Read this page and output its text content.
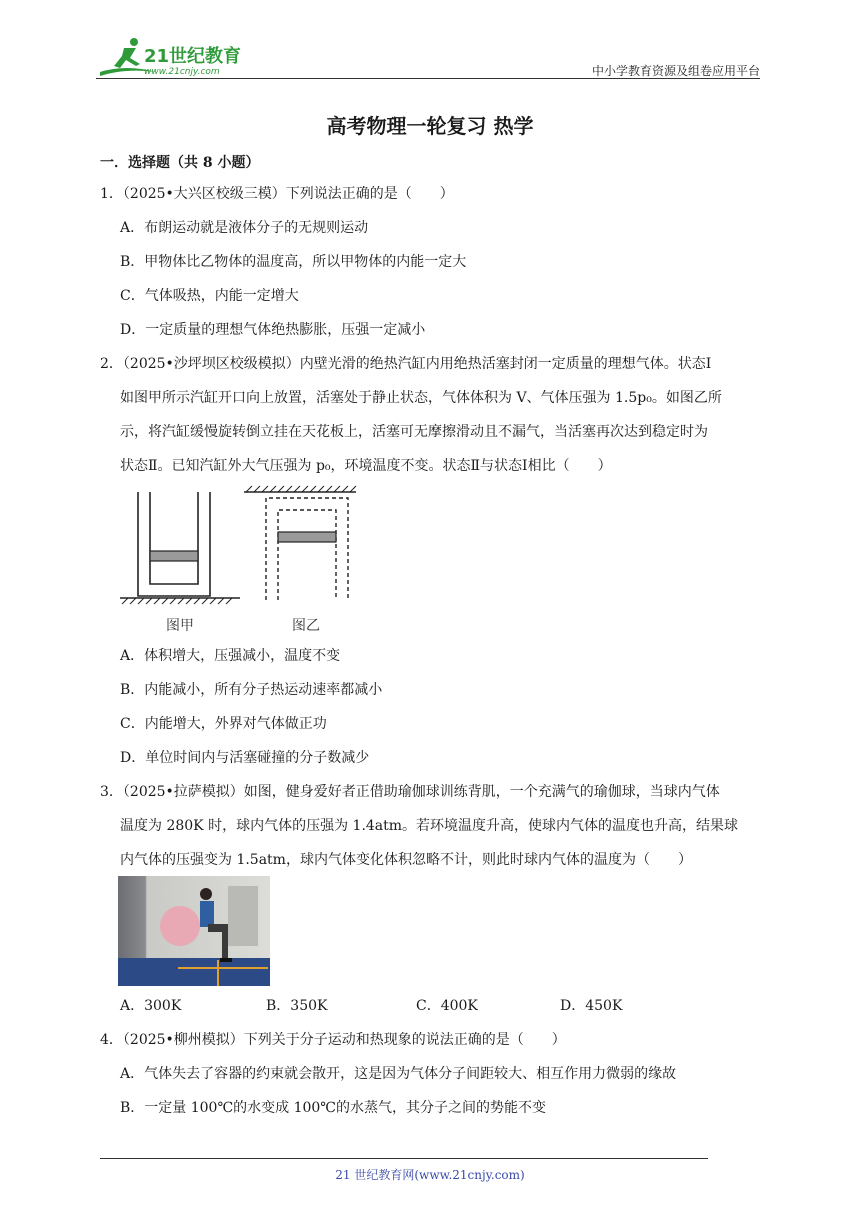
21世纪教育
www.21cnjy.com	中小学教育资源及组卷应用平台
高考物理一轮复习 热学
一．选择题（共 8 小题）
1．（2025•大兴区校级三模）下列说法正确的是（　　）
A．布朗运动就是液体分子的无规则运动
B．甲物体比乙物体的温度高，所以甲物体的内能一定大
C．气体吸热，内能一定增大
D．一定质量的理想气体绝热膨胀，压强一定减小
2．（2025•沙坪坝区校级模拟）内壁光滑的绝热汽缸内用绝热活塞封闭一定质量的理想气体。状态Ⅰ
如图甲所示汽缸开口向上放置，活塞处于静止状态，气体体积为 V、气体压强为 1.5p₀。如图乙所
示，将汽缸缓慢旋转倒立挂在天花板上，活塞可无摩擦滑动且不漏气，当活塞再次达到稳定时为
状态Ⅱ。已知汽缸外大气压强为 p₀，环境温度不变。状态Ⅱ与状态Ⅰ相比（　　）
图甲	图乙
A．体积增大，压强减小，温度不变
B．内能减小，所有分子热运动速率都减小
C．内能增大，外界对气体做正功
D．单位时间内与活塞碰撞的分子数减少
3．（2025•拉萨模拟）如图，健身爱好者正借助瑜伽球训练背肌，一个充满气的瑜伽球，当球内气体
温度为 280K 时，球内气体的压强为 1.4atm。若环境温度升高，使球内气体的温度也升高，结果球
内气体的压强变为 1.5atm，球内气体变化体积忽略不计，则此时球内气体的温度为（　　）
A．300K	B．350K	C．400K	D．450K
4．（2025•柳州模拟）下列关于分子运动和热现象的说法正确的是（　　）
A．气体失去了容器的约束就会散开，这是因为气体分子间距较大、相互作用力微弱的缘故
B．一定量 100℃的水变成 100℃的水蒸气，其分子之间的势能不变
21 世纪教育网(www.21cnjy.com)
